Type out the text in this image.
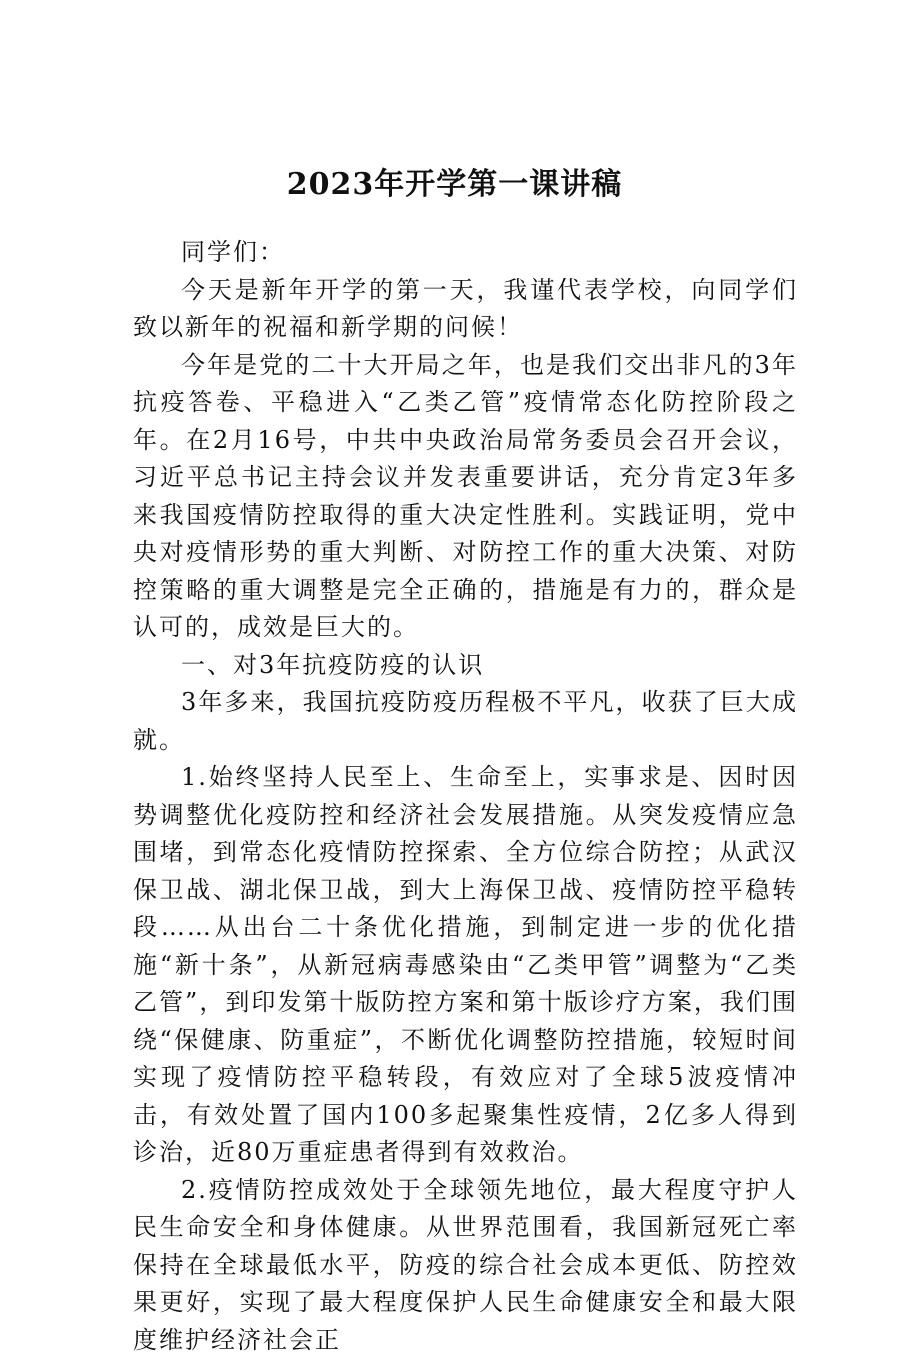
2023年开学第一课讲稿

同学们：

今天是新年开学的第一天，我谨代表学校，向同学们致以新年的祝福和新学期的问候！

今年是党的二十大开局之年，也是我们交出非凡的3年抗疫答卷、平稳进入“乙类乙管”疫情常态化防控阶段之年。在2月16号，中共中央政治局常务委员会召开会议，习近平总书记主持会议并发表重要讲话，充分肯定3年多来我国疫情防控取得的重大决定性胜利。实践证明，党中央对疫情形势的重大判断、对防控工作的重大决策、对防控策略的重大调整是完全正确的，措施是有力的，群众是认可的，成效是巨大的。

一、对3年抗疫防疫的认识

3年多来，我国抗疫防疫历程极不平凡，收获了巨大成就。

1.始终坚持人民至上、生命至上，实事求是、因时因势调整优化疫防控和经济社会发展措施。从突发疫情应急围堵，到常态化疫情防控探索、全方位综合防控；从武汉保卫战、湖北保卫战，到大上海保卫战、疫情防控平稳转段……从出台二十条优化措施，到制定进一步的优化措施“新十条”，从新冠病毒感染由“乙类甲管”调整为“乙类乙管”，到印发第十版防控方案和第十版诊疗方案，我们围绕“保健康、防重症”，不断优化调整防控措施，较短时间实现了疫情防控平稳转段，有效应对了全球5波疫情冲击，有效处置了国内100多起聚集性疫情，2亿多人得到诊治，近80万重症患者得到有效救治。

2.疫情防控成效处于全球领先地位，最大程度守护人民生命安全和身体健康。从世界范围看，我国新冠死亡率保持在全球最低水平，防疫的综合社会成本更低、防控效果更好，实现了最大程度保护人民生命健康安全和最大限度维护经济社会正
